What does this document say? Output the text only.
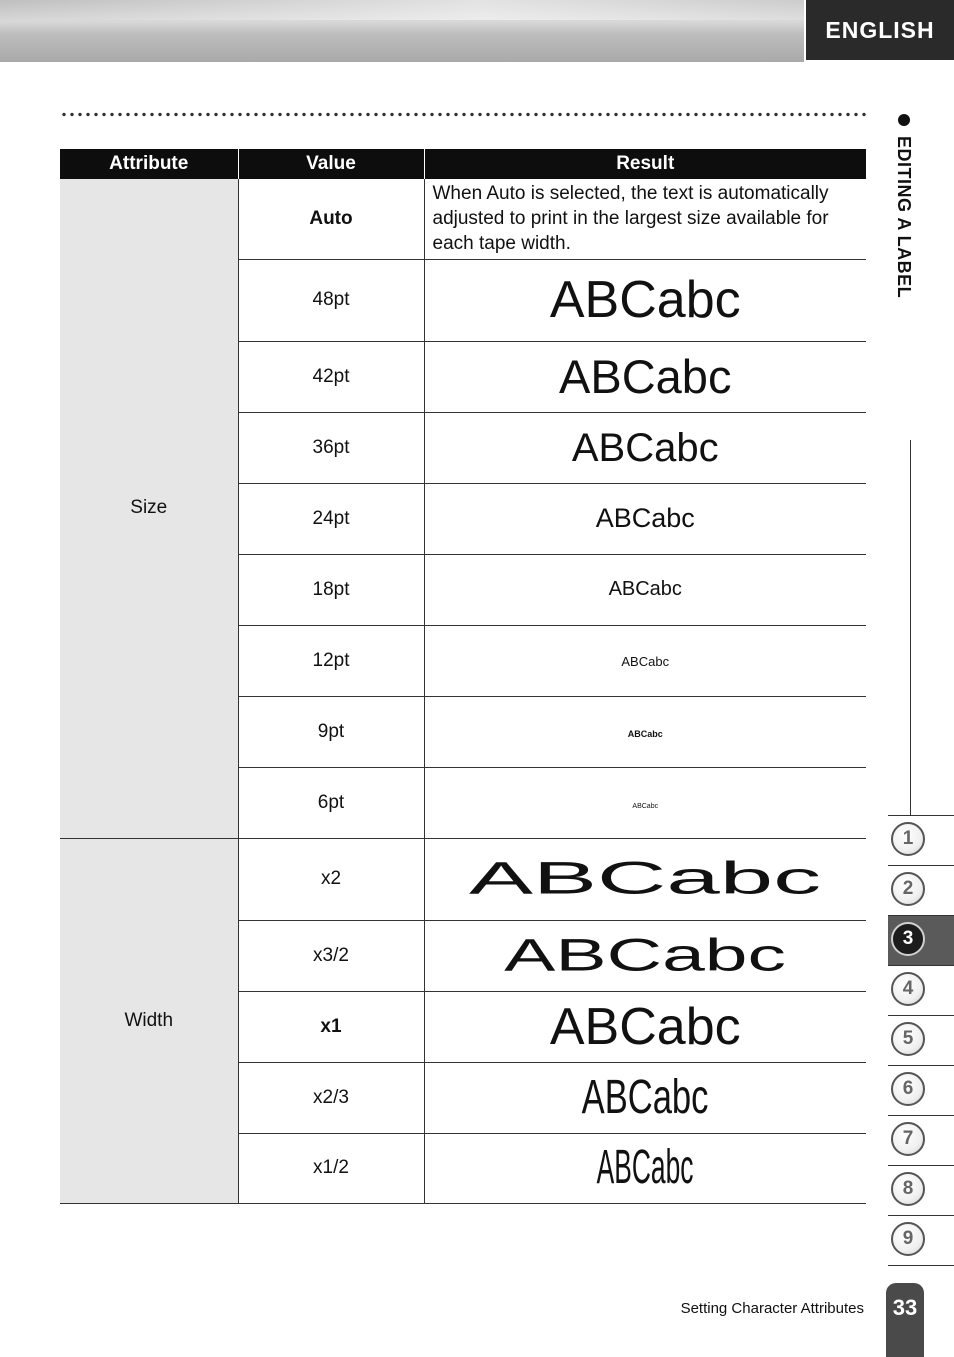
ENGLISH
Attribute	Value	Result
Size	Auto	When Auto is selected, the text is automatically adjusted to print in the largest size available for each tape width.
	48pt	ABCabc
	42pt	ABCabc
	36pt	ABCabc
	24pt	ABCabc
	18pt	ABCabc
	12pt	ABCabc
	9pt	ABCabc
	6pt	ABCabc
Width	x2	ABCabc
	x3/2	ABCabc
	x1	ABCabc
	x2/3	ABCabc
	x1/2	ABCabc
EDITING A LABEL
1
2
3
4
5
6
7
8
9
Setting Character Attributes	33
